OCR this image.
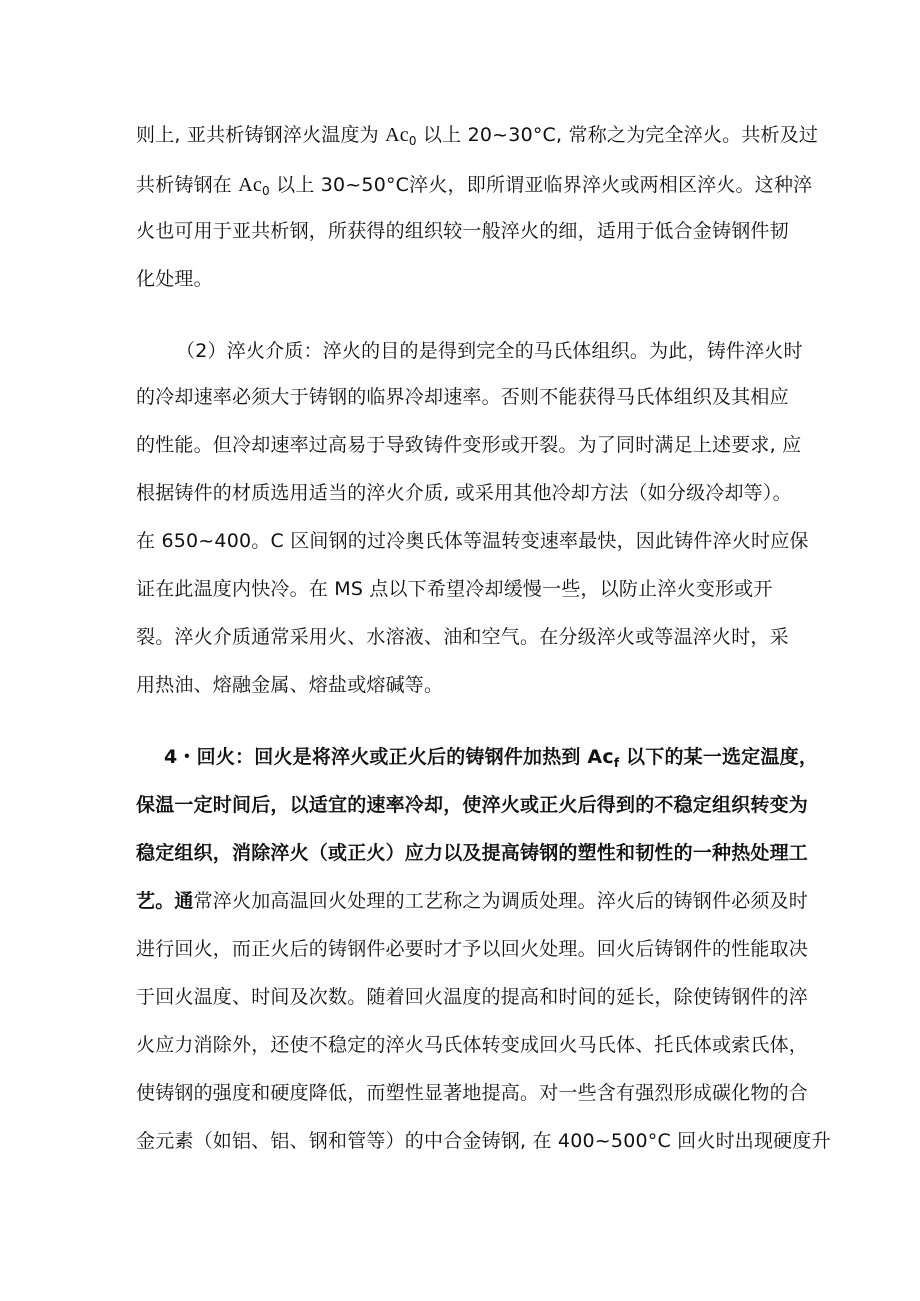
则上, 亚共析铸钢淬火温度为 $Ac_0$ 以上 20~30°C, 常称之为完全淬火。共析及过
共析铸钢在 $Ac_0$ 以上 30~50°C淬火，即所谓亚临界淬火或两相区淬火。这种淬
火也可用于亚共析钢，所获得的组织较一般淬火的细，适用于低合金铸钢件韧
化处理。
（2）淬火介质：淬火的目的是得到完全的马氏体组织。为此，铸件淬火时
的冷却速率必须大于铸钢的临界冷却速率。否则不能获得马氏体组织及其相应
的性能。但冷却速率过高易于导致铸件变形或开裂。为了同时满足上述要求, 应
根据铸件的材质选用适当的淬火介质, 或采用其他冷却方法（如分级冷却等）。
在 650~400。C 区间钢的过冷奥氏体等温转变速率最快，因此铸件淬火时应保
证在此温度内快冷。在 MS 点以下希望冷却缓慢一些，以防止淬火变形或开
裂。淬火介质通常采用火、水溶液、油和空气。在分级淬火或等温淬火时，采
用热油、熔融金属、熔盐或熔碱等。
4・回火：回火是将淬火或正火后的铸钢件加热到 $Ac_f$ 以下的某一选定温度，
保温一定时间后，以适宜的速率冷却，使淬火或正火后得到的不稳定组织转变为
稳定组织，消除淬火（或正火）应力以及提高铸钢的塑性和韧性的一种热处理工
艺。通常淬火加高温回火处理的工艺称之为调质处理。淬火后的铸钢件必须及时
进行回火，而正火后的铸钢件必要时才予以回火处理。回火后铸钢件的性能取决
于回火温度、时间及次数。随着回火温度的提高和时间的延长，除使铸钢件的淬
火应力消除外，还使不稳定的淬火马氏体转变成回火马氏体、托氏体或索氏体，
使铸钢的强度和硬度降低，而塑性显著地提高。对一些含有强烈形成碳化物的合
金元素（如铝、铝、钢和管等）的中合金铸钢, 在 400~500°C 回火时出现硬度升
